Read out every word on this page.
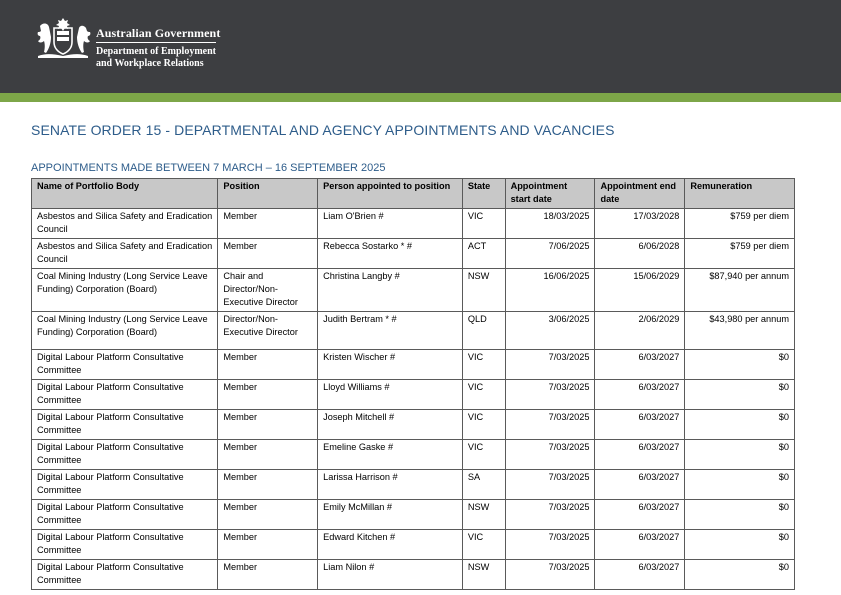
Australian Government
Department of Employment
and Workplace Relations
SENATE ORDER 15 - DEPARTMENTAL AND AGENCY APPOINTMENTS AND VACANCIES
APPOINTMENTS MADE BETWEEN 7 MARCH – 16 SEPTEMBER 2025
Name of Portfolio Body	Position	Person appointed to position	State	Appointment start date	Appointment end date	Remuneration
Asbestos and Silica Safety and Eradication Council	Member	Liam O'Brien #	VIC	18/03/2025	17/03/2028	$759 per diem
Asbestos and Silica Safety and Eradication Council	Member	Rebecca Sostarko * #	ACT	7/06/2025	6/06/2028	$759 per diem
Coal Mining Industry (Long Service Leave Funding) Corporation (Board)	Chair and Director/Non-Executive Director	Christina Langby #	NSW	16/06/2025	15/06/2029	$87,940 per annum
Coal Mining Industry (Long Service Leave Funding) Corporation (Board)	Director/Non-Executive Director	Judith Bertram * #	QLD	3/06/2025	2/06/2029	$43,980 per annum
Digital Labour Platform Consultative Committee	Member	Kristen Wischer #	VIC	7/03/2025	6/03/2027	$0
Digital Labour Platform Consultative Committee	Member	Lloyd Williams #	VIC	7/03/2025	6/03/2027	$0
Digital Labour Platform Consultative Committee	Member	Joseph Mitchell #	VIC	7/03/2025	6/03/2027	$0
Digital Labour Platform Consultative Committee	Member	Emeline Gaske #	VIC	7/03/2025	6/03/2027	$0
Digital Labour Platform Consultative Committee	Member	Larissa Harrison #	SA	7/03/2025	6/03/2027	$0
Digital Labour Platform Consultative Committee	Member	Emily McMillan #	NSW	7/03/2025	6/03/2027	$0
Digital Labour Platform Consultative Committee	Member	Edward Kitchen #	VIC	7/03/2025	6/03/2027	$0
Digital Labour Platform Consultative Committee	Member	Liam Nilon #	NSW	7/03/2025	6/03/2027	$0
